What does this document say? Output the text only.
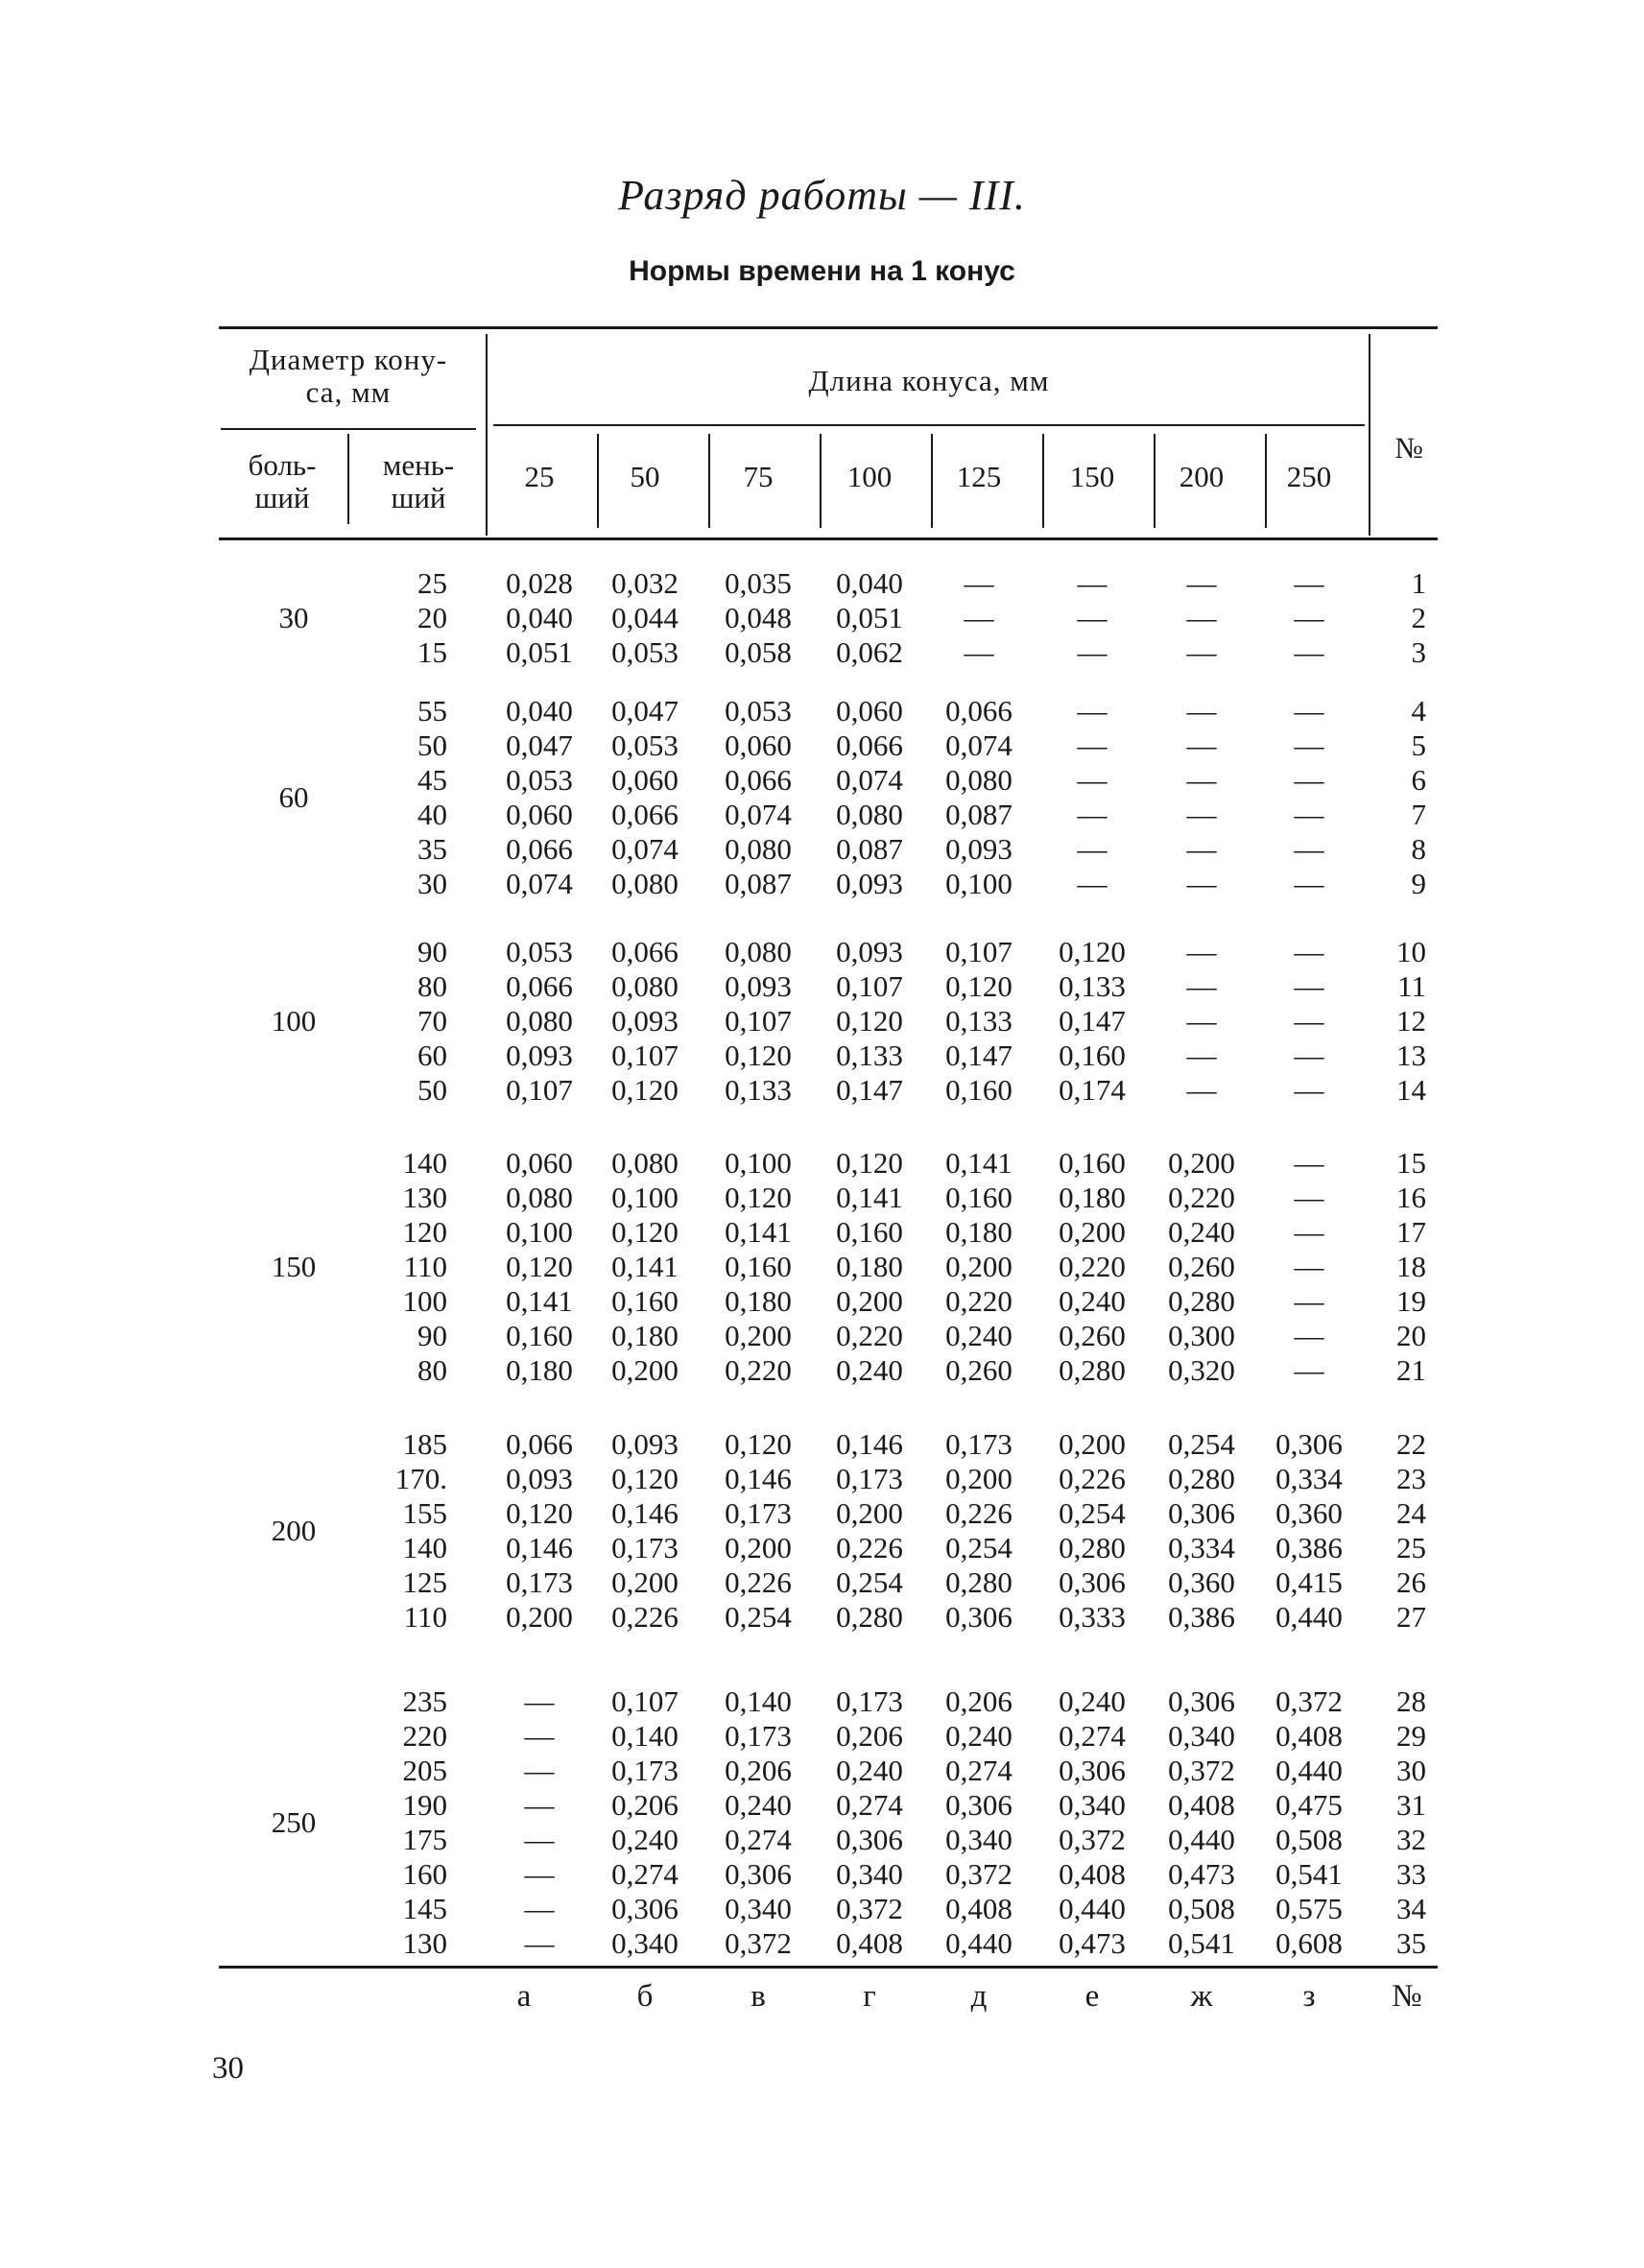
Разряд работы — III.
Нормы времени на 1 конус
Диаметр кону-
са, мм
боль-
ший
мень-
ший
Длина конуса, мм
№
25	50	75	100	125	150	200	250
30
25	0,028	0,032	0,035	0,040	—	—	—	—	1
20	0,040	0,044	0,048	0,051	—	—	—	—	2
15	0,051	0,053	0,058	0,062	—	—	—	—	3
60
55	0,040	0,047	0,053	0,060	0,066	—	—	—	4
50	0,047	0,053	0,060	0,066	0,074	—	—	—	5
45	0,053	0,060	0,066	0,074	0,080	—	—	—	6
40	0,060	0,066	0,074	0,080	0,087	—	—	—	7
35	0,066	0,074	0,080	0,087	0,093	—	—	—	8
30	0,074	0,080	0,087	0,093	0,100	—	—	—	9
100
90	0,053	0,066	0,080	0,093	0,107	0,120	—	—	10
80	0,066	0,080	0,093	0,107	0,120	0,133	—	—	11
70	0,080	0,093	0,107	0,120	0,133	0,147	—	—	12
60	0,093	0,107	0,120	0,133	0,147	0,160	—	—	13
50	0,107	0,120	0,133	0,147	0,160	0,174	—	—	14
150
140	0,060	0,080	0,100	0,120	0,141	0,160	0,200	—	15
130	0,080	0,100	0,120	0,141	0,160	0,180	0,220	—	16
120	0,100	0,120	0,141	0,160	0,180	0,200	0,240	—	17
110	0,120	0,141	0,160	0,180	0,200	0,220	0,260	—	18
100	0,141	0,160	0,180	0,200	0,220	0,240	0,280	—	19
90	0,160	0,180	0,200	0,220	0,240	0,260	0,300	—	20
80	0,180	0,200	0,220	0,240	0,260	0,280	0,320	—	21
200
185	0,066	0,093	0,120	0,146	0,173	0,200	0,254	0,306	22
170.	0,093	0,120	0,146	0,173	0,200	0,226	0,280	0,334	23
155	0,120	0,146	0,173	0,200	0,226	0,254	0,306	0,360	24
140	0,146	0,173	0,200	0,226	0,254	0,280	0,334	0,386	25
125	0,173	0,200	0,226	0,254	0,280	0,306	0,360	0,415	26
110	0,200	0,226	0,254	0,280	0,306	0,333	0,386	0,440	27
250
235	—	0,107	0,140	0,173	0,206	0,240	0,306	0,372	28
220	—	0,140	0,173	0,206	0,240	0,274	0,340	0,408	29
205	—	0,173	0,206	0,240	0,274	0,306	0,372	0,440	30
190	—	0,206	0,240	0,274	0,306	0,340	0,408	0,475	31
175	—	0,240	0,274	0,306	0,340	0,372	0,440	0,508	32
160	—	0,274	0,306	0,340	0,372	0,408	0,473	0,541	33
145	—	0,306	0,340	0,372	0,408	0,440	0,508	0,575	34
130	—	0,340	0,372	0,408	0,440	0,473	0,541	0,608	35
а	б	в	г	д	е	ж	з	№
30
